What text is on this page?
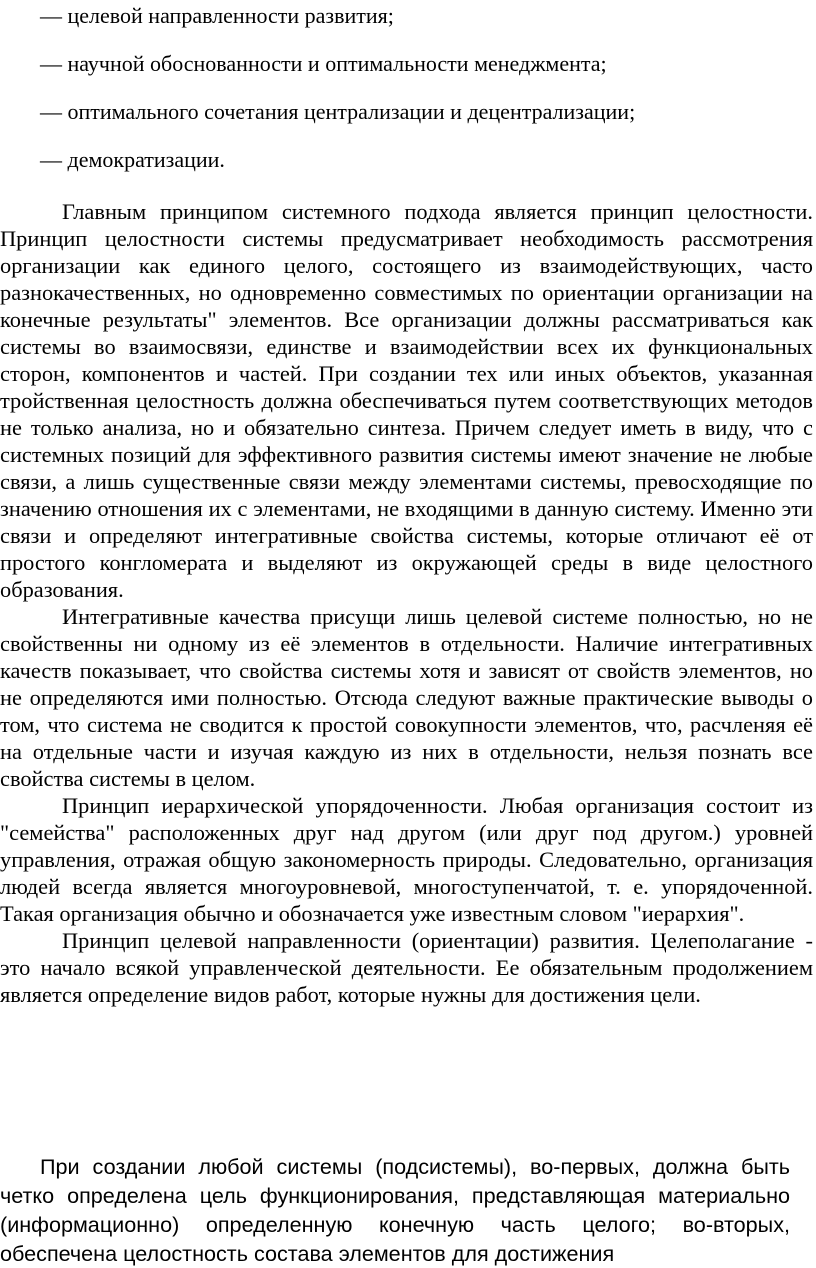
— целевой направленности развития;
— научной обоснованности и оптимальности менеджмента;
— оптимального сочетания централизации и децентрализации;
— демократизации.

Главным принципом системного подхода является принцип целостности. Принцип целостности системы предусматривает необходимость рассмотрения организации как единого целого, состоящего из взаимодействующих, часто разнокачественных, но одновременно совместимых по ориентации организации на конечные результаты" элементов. Все организации должны рассматриваться как системы во взаимосвязи, единстве и взаимодействии всех их функциональных сторон, компонентов и частей. При создании тех или иных объектов, указанная тройственная целостность должна обеспечиваться путем соответствующих методов не только анализа, но и обязательно синтеза. Причем следует иметь в виду, что с системных позиций для эффективного развития системы имеют значение не любые связи, а лишь существенные связи между элементами системы, превосходящие по значению отношения их с элементами, не входящими в данную систему. Именно эти связи и определяют интегративные свойства системы, которые отличают её от простого конгломерата и выделяют из окружающей среды в виде целостного образования.

Интегративные качества присущи лишь целевой системе полностью, но не свойственны ни одному из её элементов в отдельности. Наличие интегративных качеств показывает, что свойства системы хотя и зависят от свойств элементов, но не определяются ими полностью. Отсюда следуют важные практические выводы о том, что система не сводится к простой совокупности элементов, что, расчленяя её на отдельные части и изучая каждую из них в отдельности, нельзя познать все свойства системы в целом.

Принцип иерархической упорядоченности. Любая организация состоит из "семейства" расположенных друг над другом (или друг под другом.) уровней управления, отражая общую закономерность природы. Следовательно, организация людей всегда является многоуровневой, многоступенчатой, т. е. упорядоченной. Такая организация обычно и обозначается уже известным словом "иерархия".

Принцип целевой направленности (ориентации) развития. Целеполагание - это начало всякой управленческой деятельности. Ее обязательным продолжением является определение видов работ, которые нужны для достижения цели.

При создании любой системы (подсистемы), во-первых, должна быть четко определена цель функционирования, представляющая материально (информационно) определенную конечную часть целого; во-вторых, обеспечена целостность состава элементов для достижения
